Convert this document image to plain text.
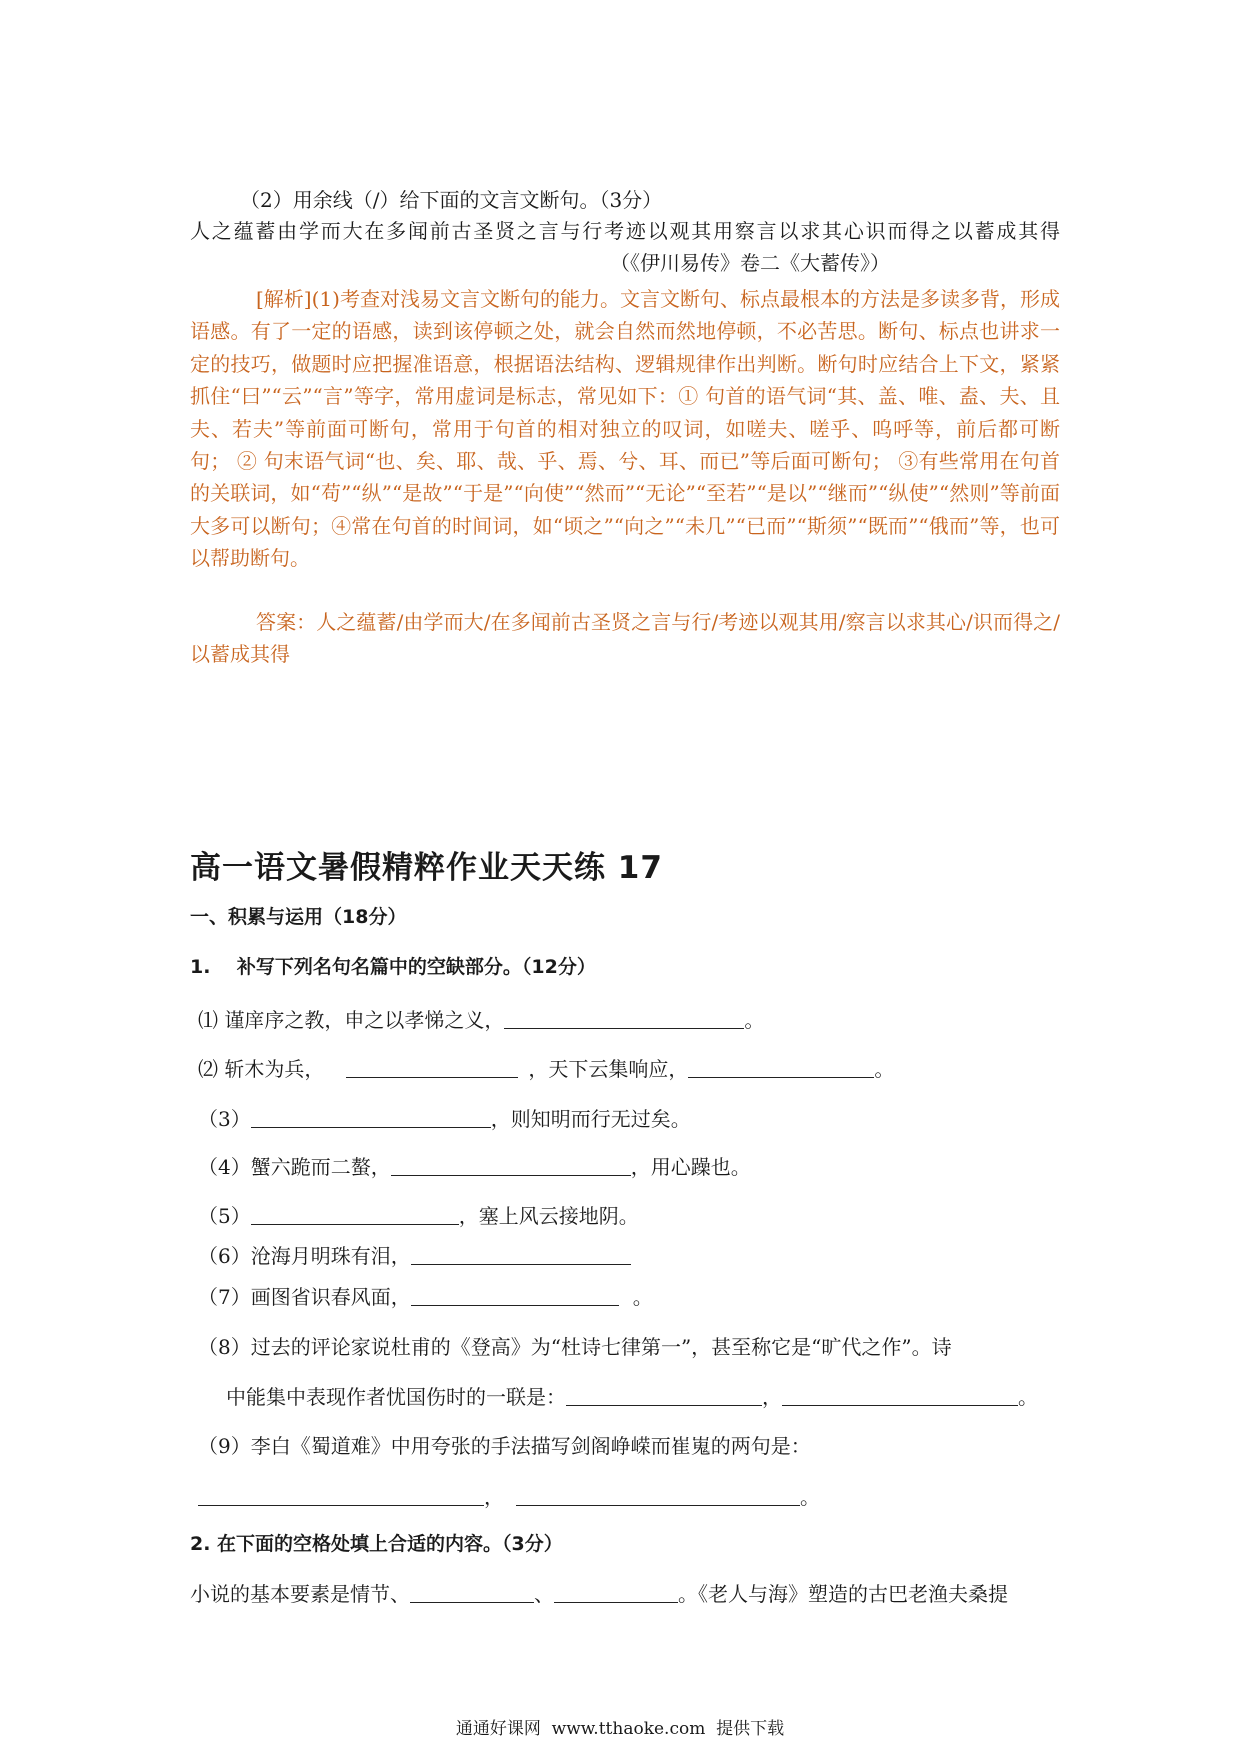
（2）用余线（/）给下面的文言文断句。（3分）
人之蕴蓄由学而大在多闻前古圣贤之言与行考迹以观其用察言以求其心识而得之以蓄成其得（《伊川易传》卷二《大蓄传》）
[解析](1)考查对浅易文言文断句的能力。文言文断句、标点最根本的方法是多读多背，形成语感。有了一定的语感，读到该停顿之处，就会自然而然地停顿，不必苦思。断句、标点也讲求一定的技巧，做题时应把握准语意，根据语法结构、逻辑规律作出判断。断句时应结合上下文，紧紧抓住“曰”“云”“言”等字，常用虚词是标志，常见如下：① 句首的语气词“其、盖、唯、盍、夫、且夫、若夫”等前面可断句，常用于句首的相对独立的叹词，如嗟夫、嗟乎、呜呼等，前后都可断句； ② 句末语气词“也、矣、耶、哉、乎、焉、兮、耳、而已”等后面可断句； ③有些常用在句首的关联词，如“苟”“纵”“是故”“于是”“向使”“然而”“无论”“至若”“是以”“继而”“纵使”“然则”等前面大多可以断句；④常在句首的时间词，如“顷之”“向之”“未几”“已而”“斯须”“既而”“俄而”等，也可以帮助断句。
答案：人之蕴蓄/由学而大/在多闻前古圣贤之言与行/考迹以观其用/察言以求其心/识而得之/以蓄成其得
高一语文暑假精粹作业天天练 17
一、积累与运用（18分）
1.    补写下列名句名篇中的空缺部分。（12分）
⑴ 谨庠序之教，申之以孝悌之义，	。
⑵ 斩木为兵，	，天下云集响应，	。
（3）	，则知明而行无过矣。
（4）蟹六跪而二螯，	，用心躁也。
（5）	，塞上风云接地阴。
（6）沧海月明珠有泪，
（7）画图省识春风面，	。
（8）过去的评论家说杜甫的《登高》为“杜诗七律第一”，甚至称它是“旷代之作”。诗
中能集中表现作者忧国伤时的一联是：	，	。
（9）李白《蜀道难》中用夸张的手法描写剑阁峥嵘而崔嵬的两句是：
，	。
2. 在下面的空格处填上合适的内容。（3分）
小说的基本要素是情节、	、	。《老人与海》塑造的古巴老渔夫桑提
通通好课网  www.tthaoke.com  提供下载
